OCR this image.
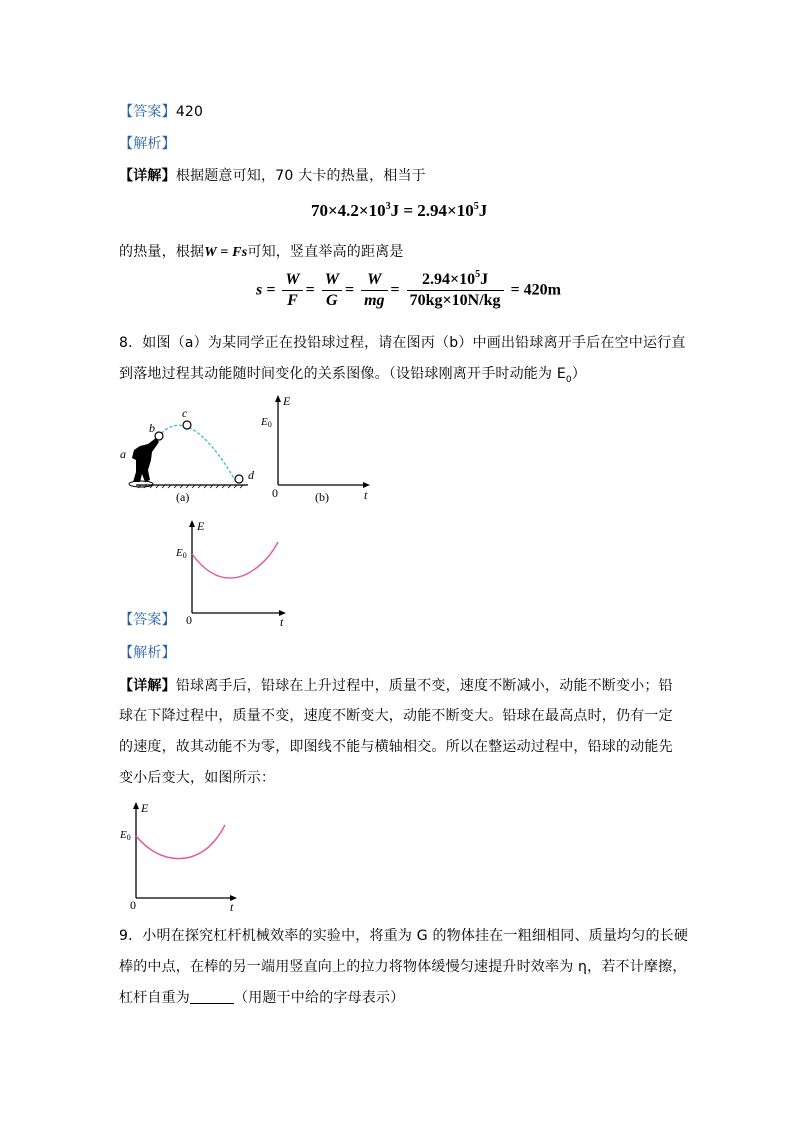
【答案】420
【解析】
【详解】根据题意可知，70 大卡的热量，相当于
$70\times 4.2\times 10^3J = 2.94\times 10^5J$
的热量，根据W = Fs可知，竖直举高的距离是
$s = \frac{W}{F} = \frac{W}{G} = \frac{W}{mg} = \frac{2.94\times 10^5J}{70kg\times 10N/kg} = 420m$
8．如图（a）为某同学正在投铅球过程，请在图丙（b）中画出铅球离开手后在空中运行直
到落地过程其动能随时间变化的关系图像。（设铅球刚离开手时动能为 $E_0$）
a
b
c
d
(a)
E
E0
0	t
(b)
E
E0
0	t
【答案】
【解析】
【详解】铅球离手后，铅球在上升过程中，质量不变，速度不断减小，动能不断变小；铅
球在下降过程中，质量不变，速度不断变大，动能不断变大。铅球在最高点时，仍有一定
的速度，故其动能不为零，即图线不能与横轴相交。所以在整运动过程中，铅球的动能先
变小后变大，如图所示：
E
E0
0	t
9．小明在探究杠杆机械效率的实验中，将重为 G 的物体挂在一粗细相同、质量均匀的长硬
棒的中点，在棒的另一端用竖直向上的拉力将物体缓慢匀速提升时效率为 η，若不计摩擦，
杠杆自重为	（用题干中给的字母表示）
